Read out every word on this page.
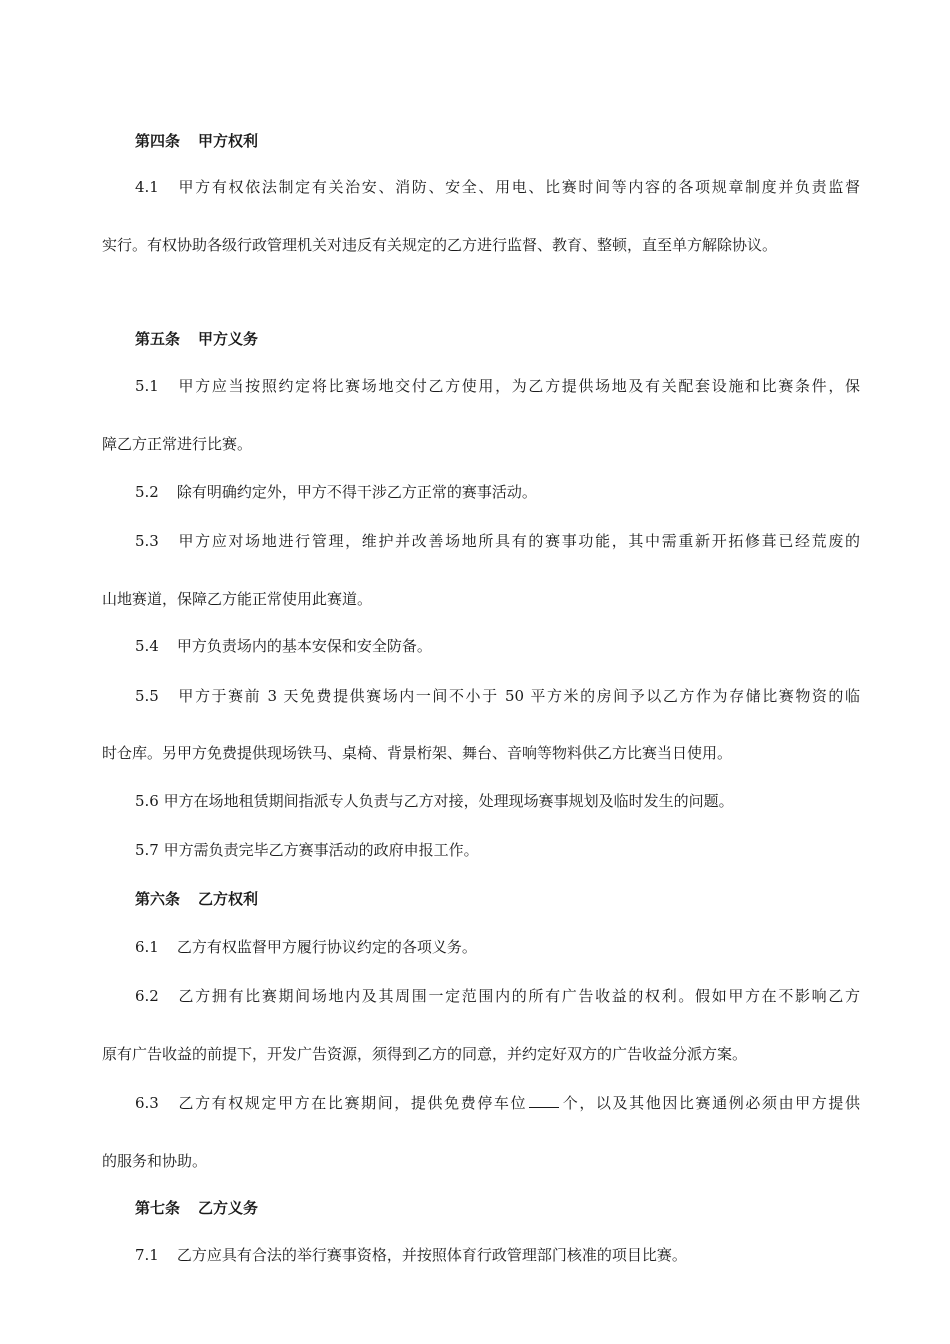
第四条 甲方权利
4.1 甲方有权依法制定有关治安、消防、安全、用电、比赛时间等内容的各项规章制度并负责监督
实行。有权协助各级行政管理机关对违反有关规定的乙方进行监督、教育、整顿，直至单方解除协议。
第五条 甲方义务
5.1 甲方应当按照约定将比赛场地交付乙方使用，为乙方提供场地及有关配套设施和比赛条件，保
障乙方正常进行比赛。
5.2 除有明确约定外，甲方不得干涉乙方正常的赛事活动。
5.3 甲方应对场地进行管理，维护并改善场地所具有的赛事功能，其中需重新开拓修葺已经荒废的
山地赛道，保障乙方能正常使用此赛道。
5.4 甲方负责场内的基本安保和安全防备。
5.5 甲方于赛前 3 天免费提供赛场内一间不小于 50 平方米的房间予以乙方作为存储比赛物资的临
时仓库。另甲方免费提供现场铁马、桌椅、背景桁架、舞台、音响等物料供乙方比赛当日使用。
5.6 甲方在场地租赁期间指派专人负责与乙方对接，处理现场赛事规划及临时发生的问题。
5.7 甲方需负责完毕乙方赛事活动的政府申报工作。
第六条 乙方权利
6.1 乙方有权监督甲方履行协议约定的各项义务。
6.2 乙方拥有比赛期间场地内及其周围一定范围内的所有广告收益的权利。假如甲方在不影响乙方
原有广告收益的前提下，开发广告资源，须得到乙方的同意，并约定好双方的广告收益分派方案。
6.3 乙方有权规定甲方在比赛期间，提供免费停车位 个，以及其他因比赛通例必须由甲方提供
的服务和协助。
第七条 乙方义务
7.1 乙方应具有合法的举行赛事资格，并按照体育行政管理部门核准的项目比赛。
